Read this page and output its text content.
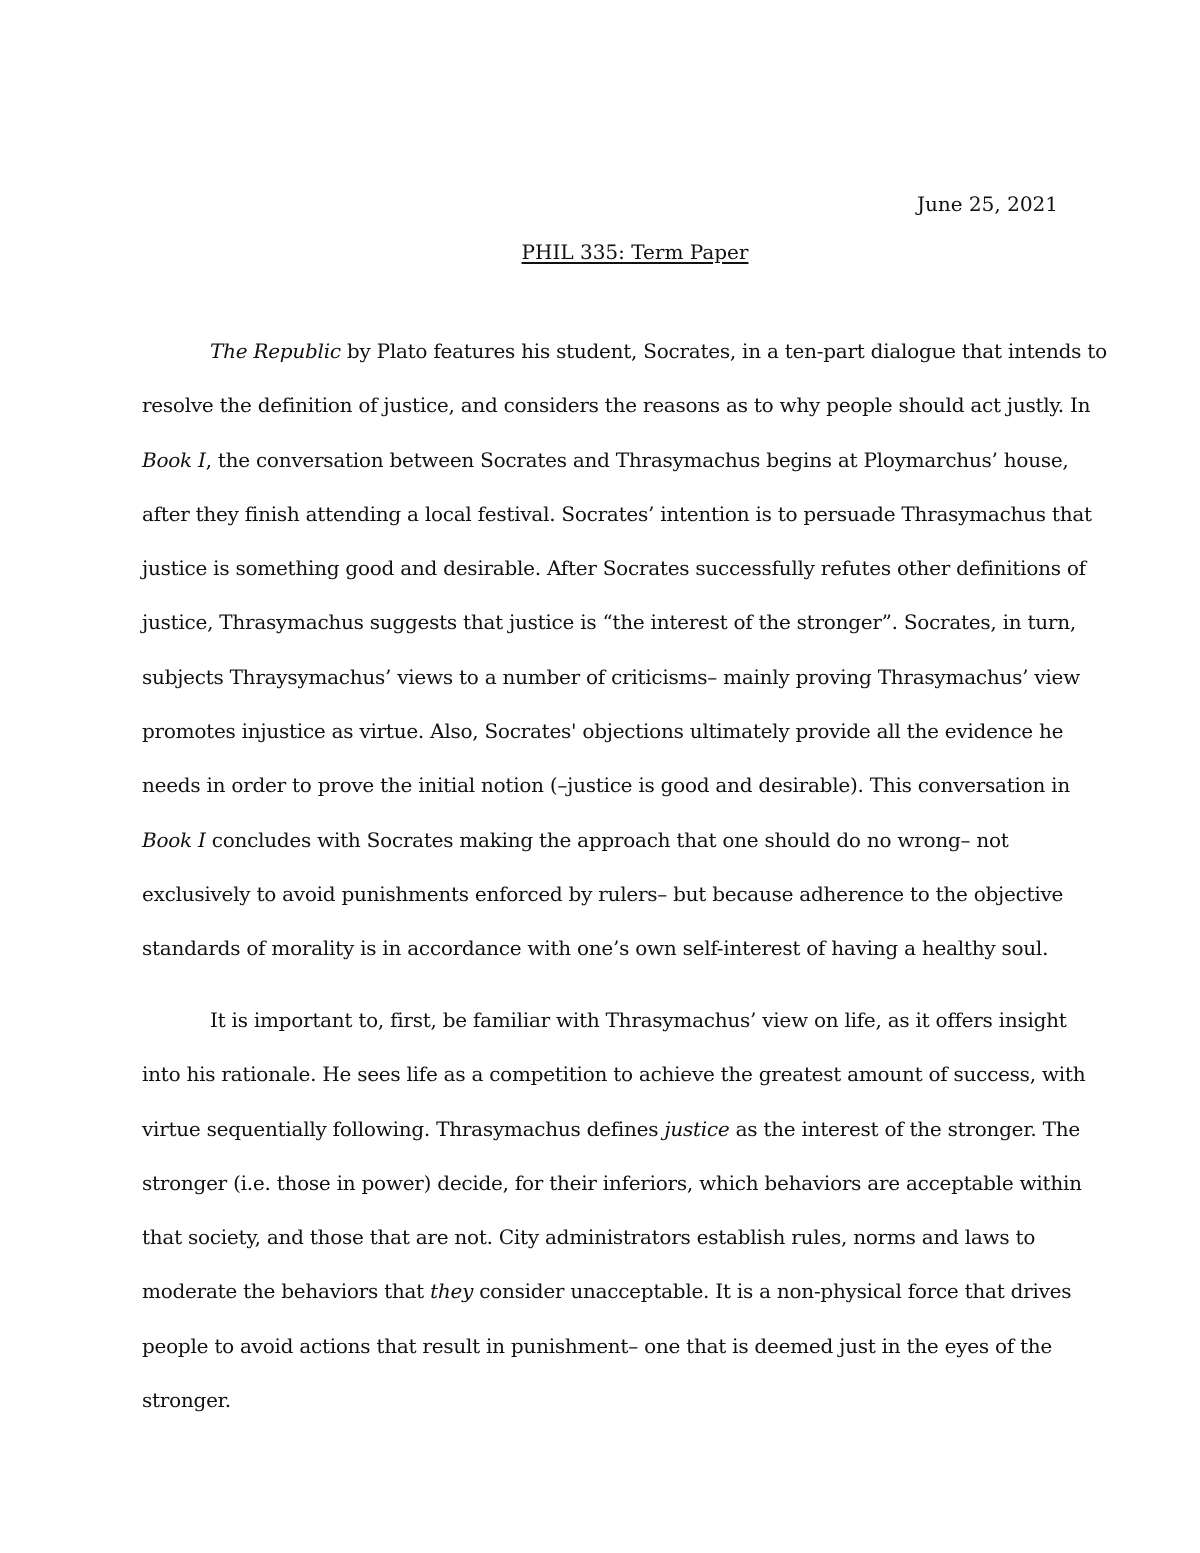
June 25, 2021
PHIL 335: Term Paper
The Republic by Plato features his student, Socrates, in a ten-part dialogue that intends to
resolve the definition of justice, and considers the reasons as to why people should act justly. In
Book I, the conversation between Socrates and Thrasymachus begins at Ploymarchus’ house,
after they finish attending a local festival. Socrates’ intention is to persuade Thrasymachus that
justice is something good and desirable. After Socrates successfully refutes other definitions of
justice, Thrasymachus suggests that justice is “the interest of the stronger”. Socrates, in turn,
subjects Thraysymachus’ views to a number of criticisms– mainly proving Thrasymachus’ view
promotes injustice as virtue. Also, Socrates' objections ultimately provide all the evidence he
needs in order to prove the initial notion (–justice is good and desirable). This conversation in
Book I concludes with Socrates making the approach that one should do no wrong– not
exclusively to avoid punishments enforced by rulers– but because adherence to the objective
standards of morality is in accordance with one’s own self-interest of having a healthy soul.
It is important to, first, be familiar with Thrasymachus’ view on life, as it offers insight
into his rationale. He sees life as a competition to achieve the greatest amount of success, with
virtue sequentially following. Thrasymachus defines justice as the interest of the stronger. The
stronger (i.e. those in power) decide, for their inferiors, which behaviors are acceptable within
that society, and those that are not. City administrators establish rules, norms and laws to
moderate the behaviors that they consider unacceptable. It is a non-physical force that drives
people to avoid actions that result in punishment– one that is deemed just in the eyes of the
stronger.
